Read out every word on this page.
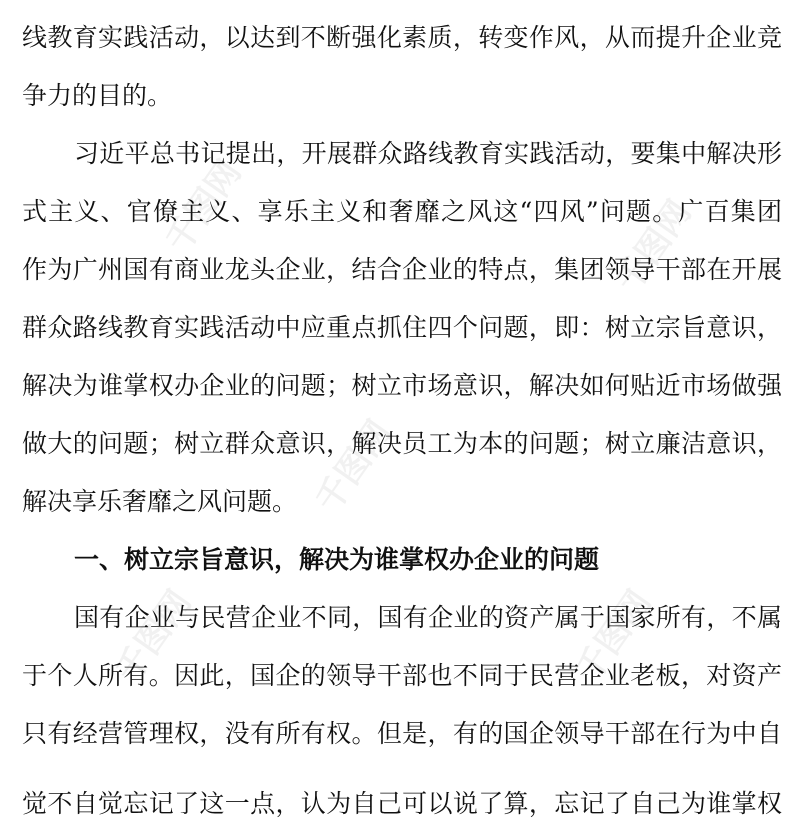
千图网	千图网
千图网
千图网	千图网
线教育实践活动，以达到不断强化素质，转变作风，从而提升企业竞
争力的目的。
习近平总书记提出，开展群众路线教育实践活动，要集中解决形
式主义、官僚主义、享乐主义和奢靡之风这“四风”问题。广百集团
作为广州国有商业龙头企业，结合企业的特点，集团领导干部在开展
群众路线教育实践活动中应重点抓住四个问题，即：树立宗旨意识，
解决为谁掌权办企业的问题；树立市场意识，解决如何贴近市场做强
做大的问题；树立群众意识，解决员工为本的问题；树立廉洁意识，
解决享乐奢靡之风问题。
一、树立宗旨意识，解决为谁掌权办企业的问题
国有企业与民营企业不同，国有企业的资产属于国家所有，不属
于个人所有。因此，国企的领导干部也不同于民营企业老板，对资产
只有经营管理权，没有所有权。但是，有的国企领导干部在行为中自
觉不自觉忘记了这一点，认为自己可以说了算，忘记了自己为谁掌权
